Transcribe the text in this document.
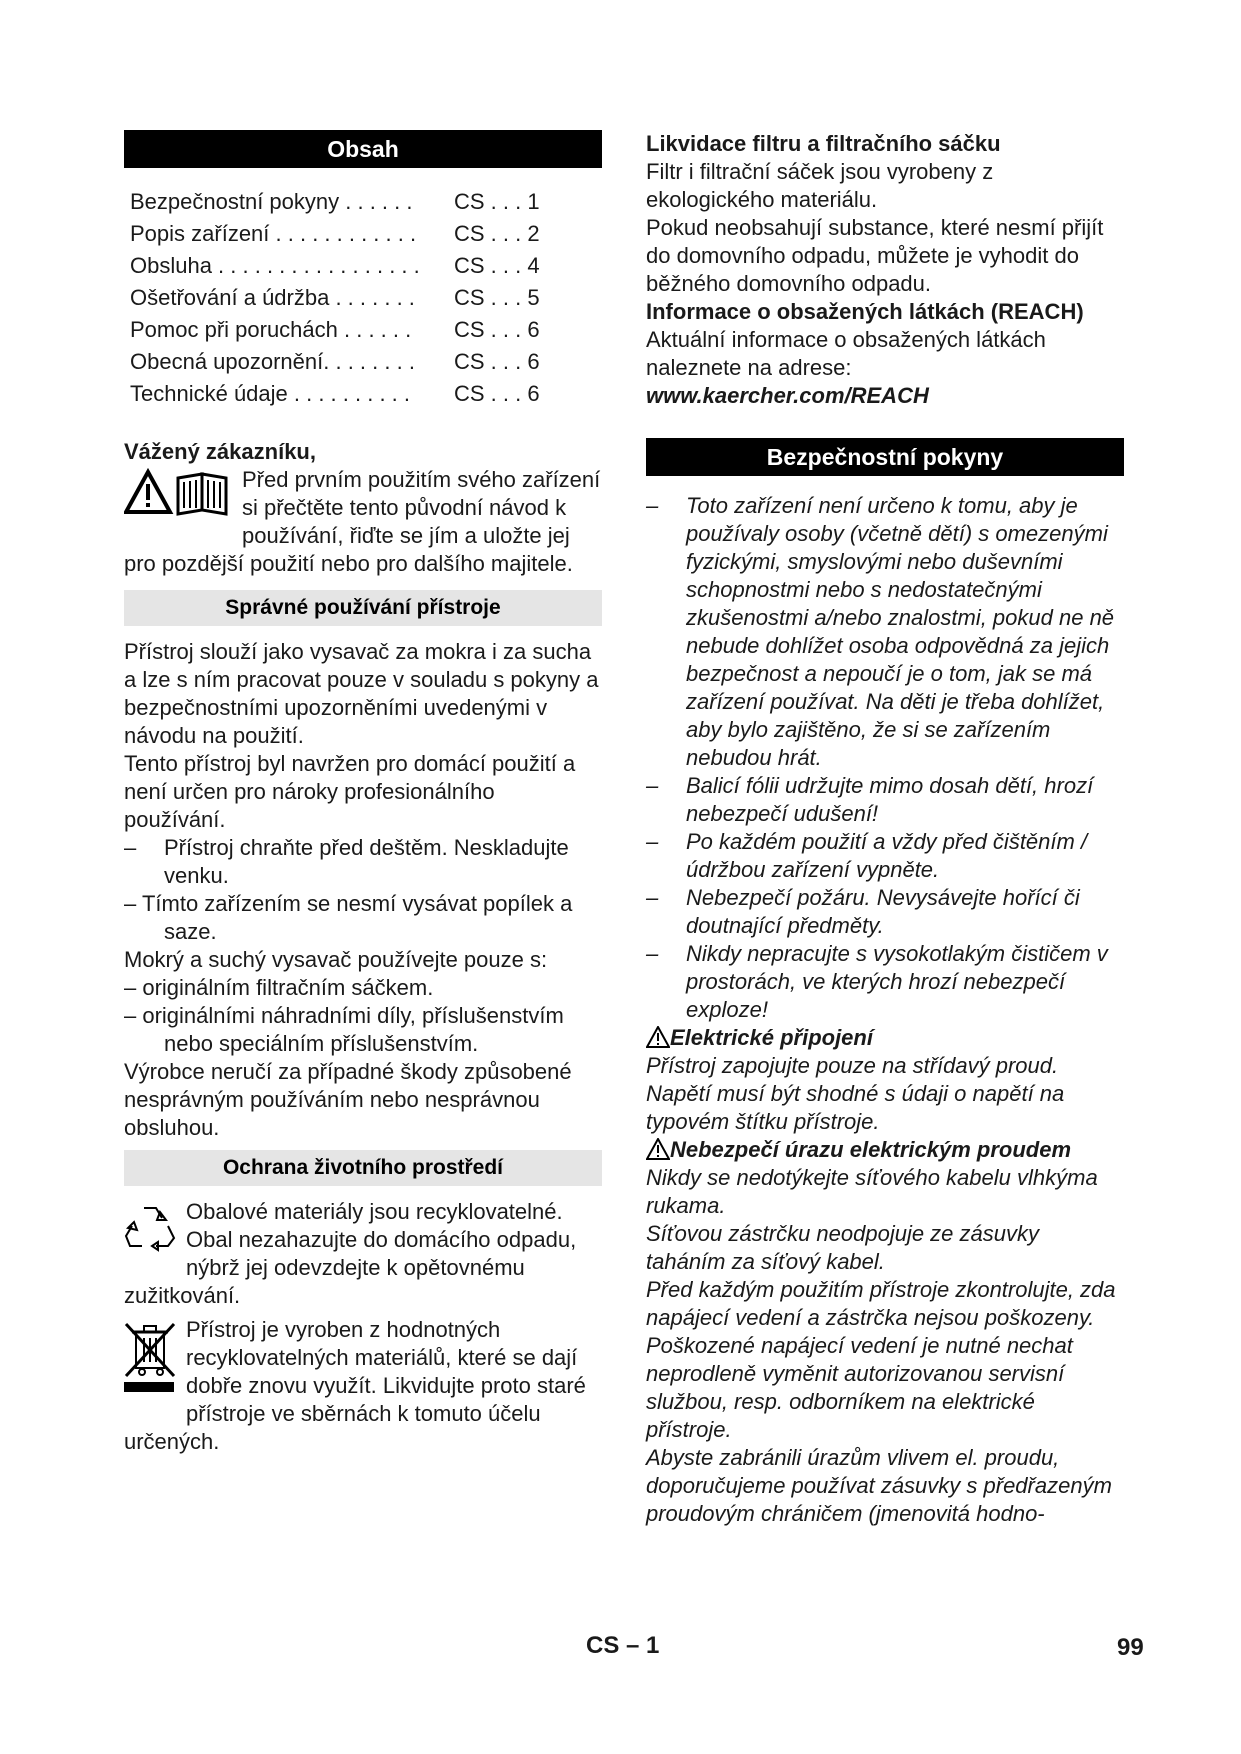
Obsah
Bezpečnostní pokyny . . . . . .	CS . . . 1
Popis zařízení . . . . . . . . . . . .	CS . . . 2
Obsluha . . . . . . . . . . . . . . . . .	CS . . . 4
Ošetřování a údržba . . . . . . .	CS . . . 5
Pomoc při poruchách . . . . . .	CS . . . 6
Obecná upozornění. . . . . . . .	CS . . . 6
Technické údaje . . . . . . . . . .	CS . . . 6
Vážený zákazníku,

Před prvním použitím svého zařízení si přečtěte tento původní návod k používání, řiďte se jím a uložte jej pro pozdější použití nebo pro dalšího majitele.

Správné používání přístroje

Přístroj slouží jako vysavač za mokra i za sucha a lze s ním pracovat pouze v souladu s pokyny a bezpečnostními upozorněními uvedenými v návodu na použití.

Tento přístroj byl navržen pro domácí použití a není určen pro nároky profesionálního používání.

–	Přístroj chraňte před deštěm. Neskladujte venku.

– Tímto zařízením se nesmí vysávat popílek a saze.

Mokrý a suchý vysavač používejte pouze s:

– originálním filtračním sáčkem.

– originálními náhradními díly, příslušenstvím nebo speciálním příslušenstvím.

Výrobce neručí za případné škody způsobené nesprávným používáním nebo nesprávnou obsluhou.

Ochrana životního prostředí

Obalové materiály jsou recyklovatelné. Obal nezahazujte do domácího odpadu, nýbrž jej odevzdejte k opětovnému zužitkování.

Přístroj je vyroben z hodnotných recyklovatelných materiálů, které se dají dobře znovu využít. Likvidujte proto staré přístroje ve sběrnách k tomuto účelu určených.

Likvidace filtru a filtračního sáčku

Filtr i filtrační sáček jsou vyrobeny z ekologického materiálu.

Pokud neobsahují substance, které nesmí přijít do domovního odpadu, můžete je vyhodit do běžného domovního odpadu.

Informace o obsažených látkách (REACH)

Aktuální informace o obsažených látkách naleznete na adrese:

www.kaercher.com/REACH

Bezpečnostní pokyny
–	Toto zařízení není určeno k tomu, aby je používaly osoby (včetně dětí) s omezenými fyzickými, smyslovými nebo duševními schopnostmi nebo s nedostatečnými zkušenostmi a/nebo znalostmi, pokud ne ně nebude dohlížet osoba odpovědná za jejich bezpečnost a nepoučí je o tom, jak se má zařízení používat. Na děti je třeba dohlížet, aby bylo zajištěno, že si se zařízením nebudou hrát.
–	Balicí fólii udržujte mimo dosah dětí, hrozí nebezpečí udušení!
–	Po každém použití a vždy před čištěním / údržbou zařízení vypněte.
–	Nebezpečí požáru. Nevysávejte hořící či doutnající předměty.
–	Nikdy nepracujte s vysokotlakým čističem v prostorách, ve kterých hrozí nebezpečí exploze!
Elektrické připojení

Přístroj zapojujte pouze na střídavý proud.

Napětí musí být shodné s údaji o napětí na typovém štítku přístroje.

Nebezpečí úrazu elektrickým proudem

Nikdy se nedotýkejte síťového kabelu vlhkýma rukama.

Síťovou zástrčku neodpojuje ze zásuvky taháním za síťový kabel.

Před každým použitím přístroje zkontrolujte, zda napájecí vedení a zástrčka nejsou poškozeny. Poškozené napájecí vedení je nutné nechat neprodleně vyměnit autorizovanou servisní službou, resp. odborníkem na elektrické přístroje.

Abyste zabránili úrazům vlivem el. proudu, doporučujeme používat zásuvky s předřazeným proudovým chráničem (jmenovitá hodno-

CS – 1	99
